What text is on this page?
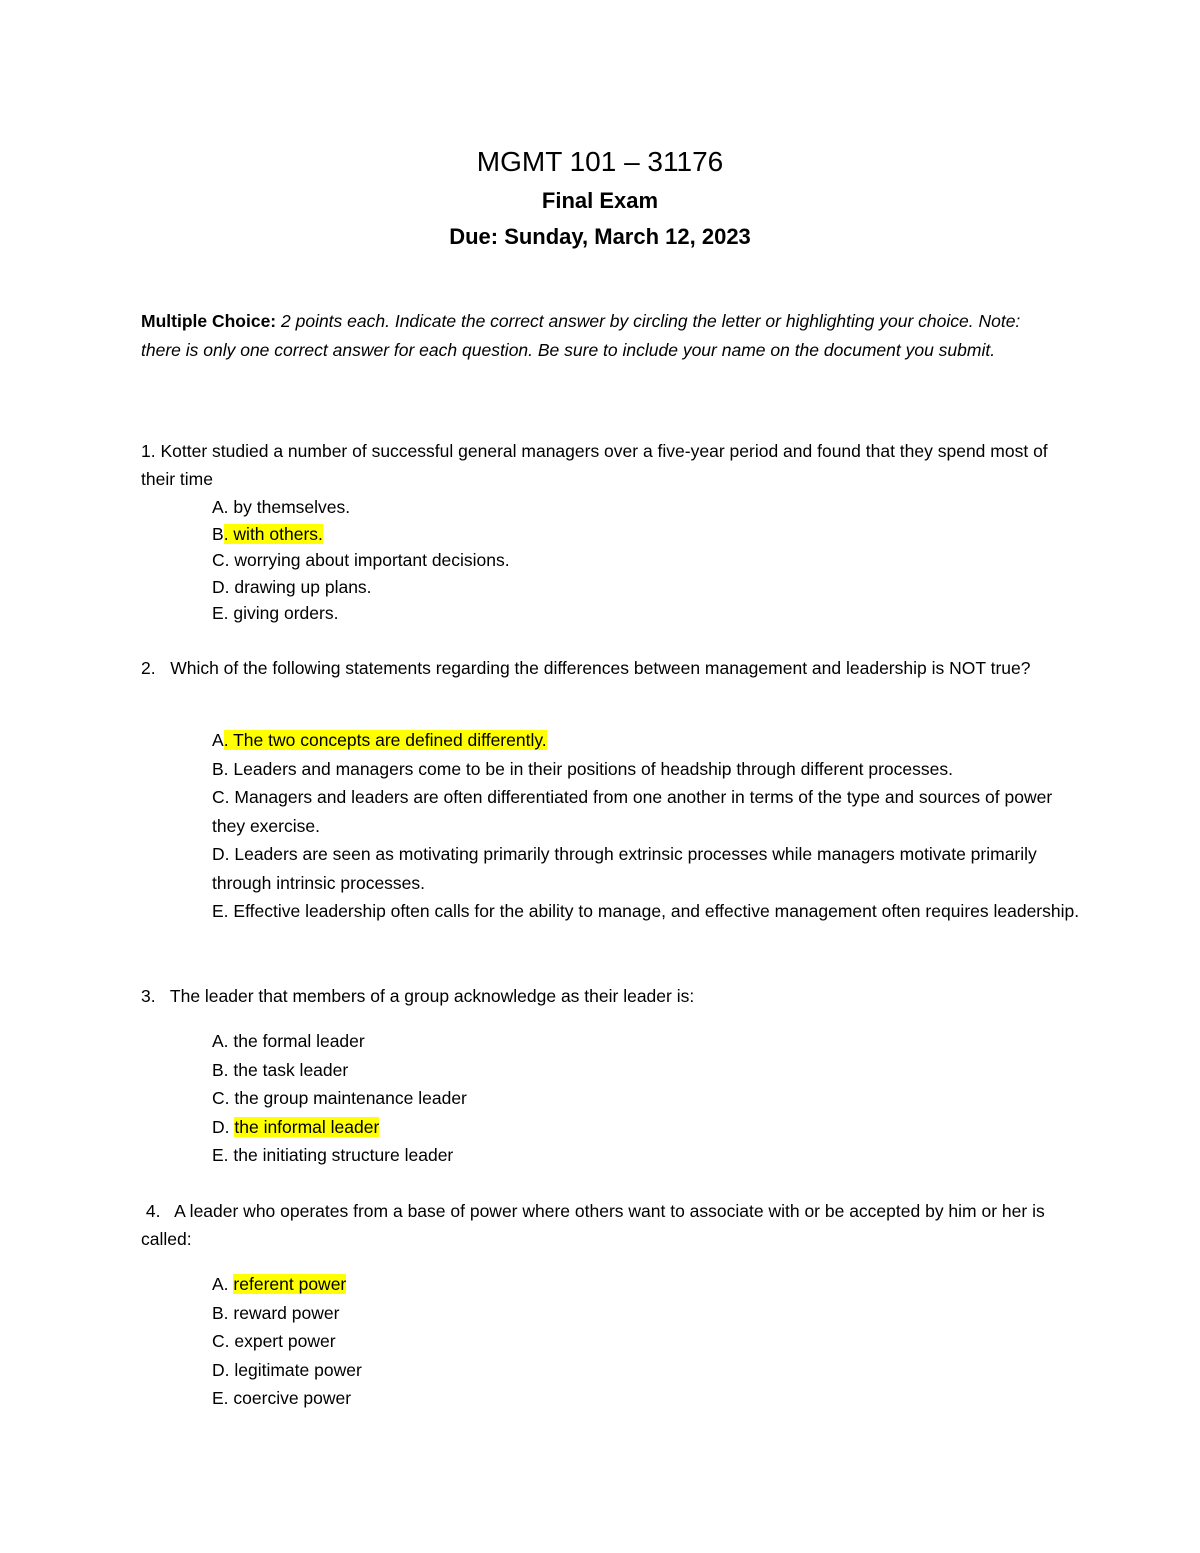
MGMT 101 – 31176
Final Exam
Due: Sunday, March 12, 2023
Multiple Choice: 2 points each. Indicate the correct answer by circling the letter or highlighting your choice. Note: there is only one correct answer for each question. Be sure to include your name on the document you submit.
1. Kotter studied a number of successful general managers over a five-year period and found that they spend most of their time
A. by themselves.
B. with others.
C. worrying about important decisions.
D. drawing up plans.
E. giving orders.
2. Which of the following statements regarding the differences between management and leadership is NOT true?
A. The two concepts are defined differently.
B. Leaders and managers come to be in their positions of headship through different processes.
C. Managers and leaders are often differentiated from one another in terms of the type and sources of power they exercise.
D. Leaders are seen as motivating primarily through extrinsic processes while managers motivate primarily through intrinsic processes.
E. Effective leadership often calls for the ability to manage, and effective management often requires leadership.
3. The leader that members of a group acknowledge as their leader is:
A. the formal leader
B. the task leader
C. the group maintenance leader
D. the informal leader
E. the initiating structure leader
4. A leader who operates from a base of power where others want to associate with or be accepted by him or her is called:
A. referent power
B. reward power
C. expert power
D. legitimate power
E. coercive power
